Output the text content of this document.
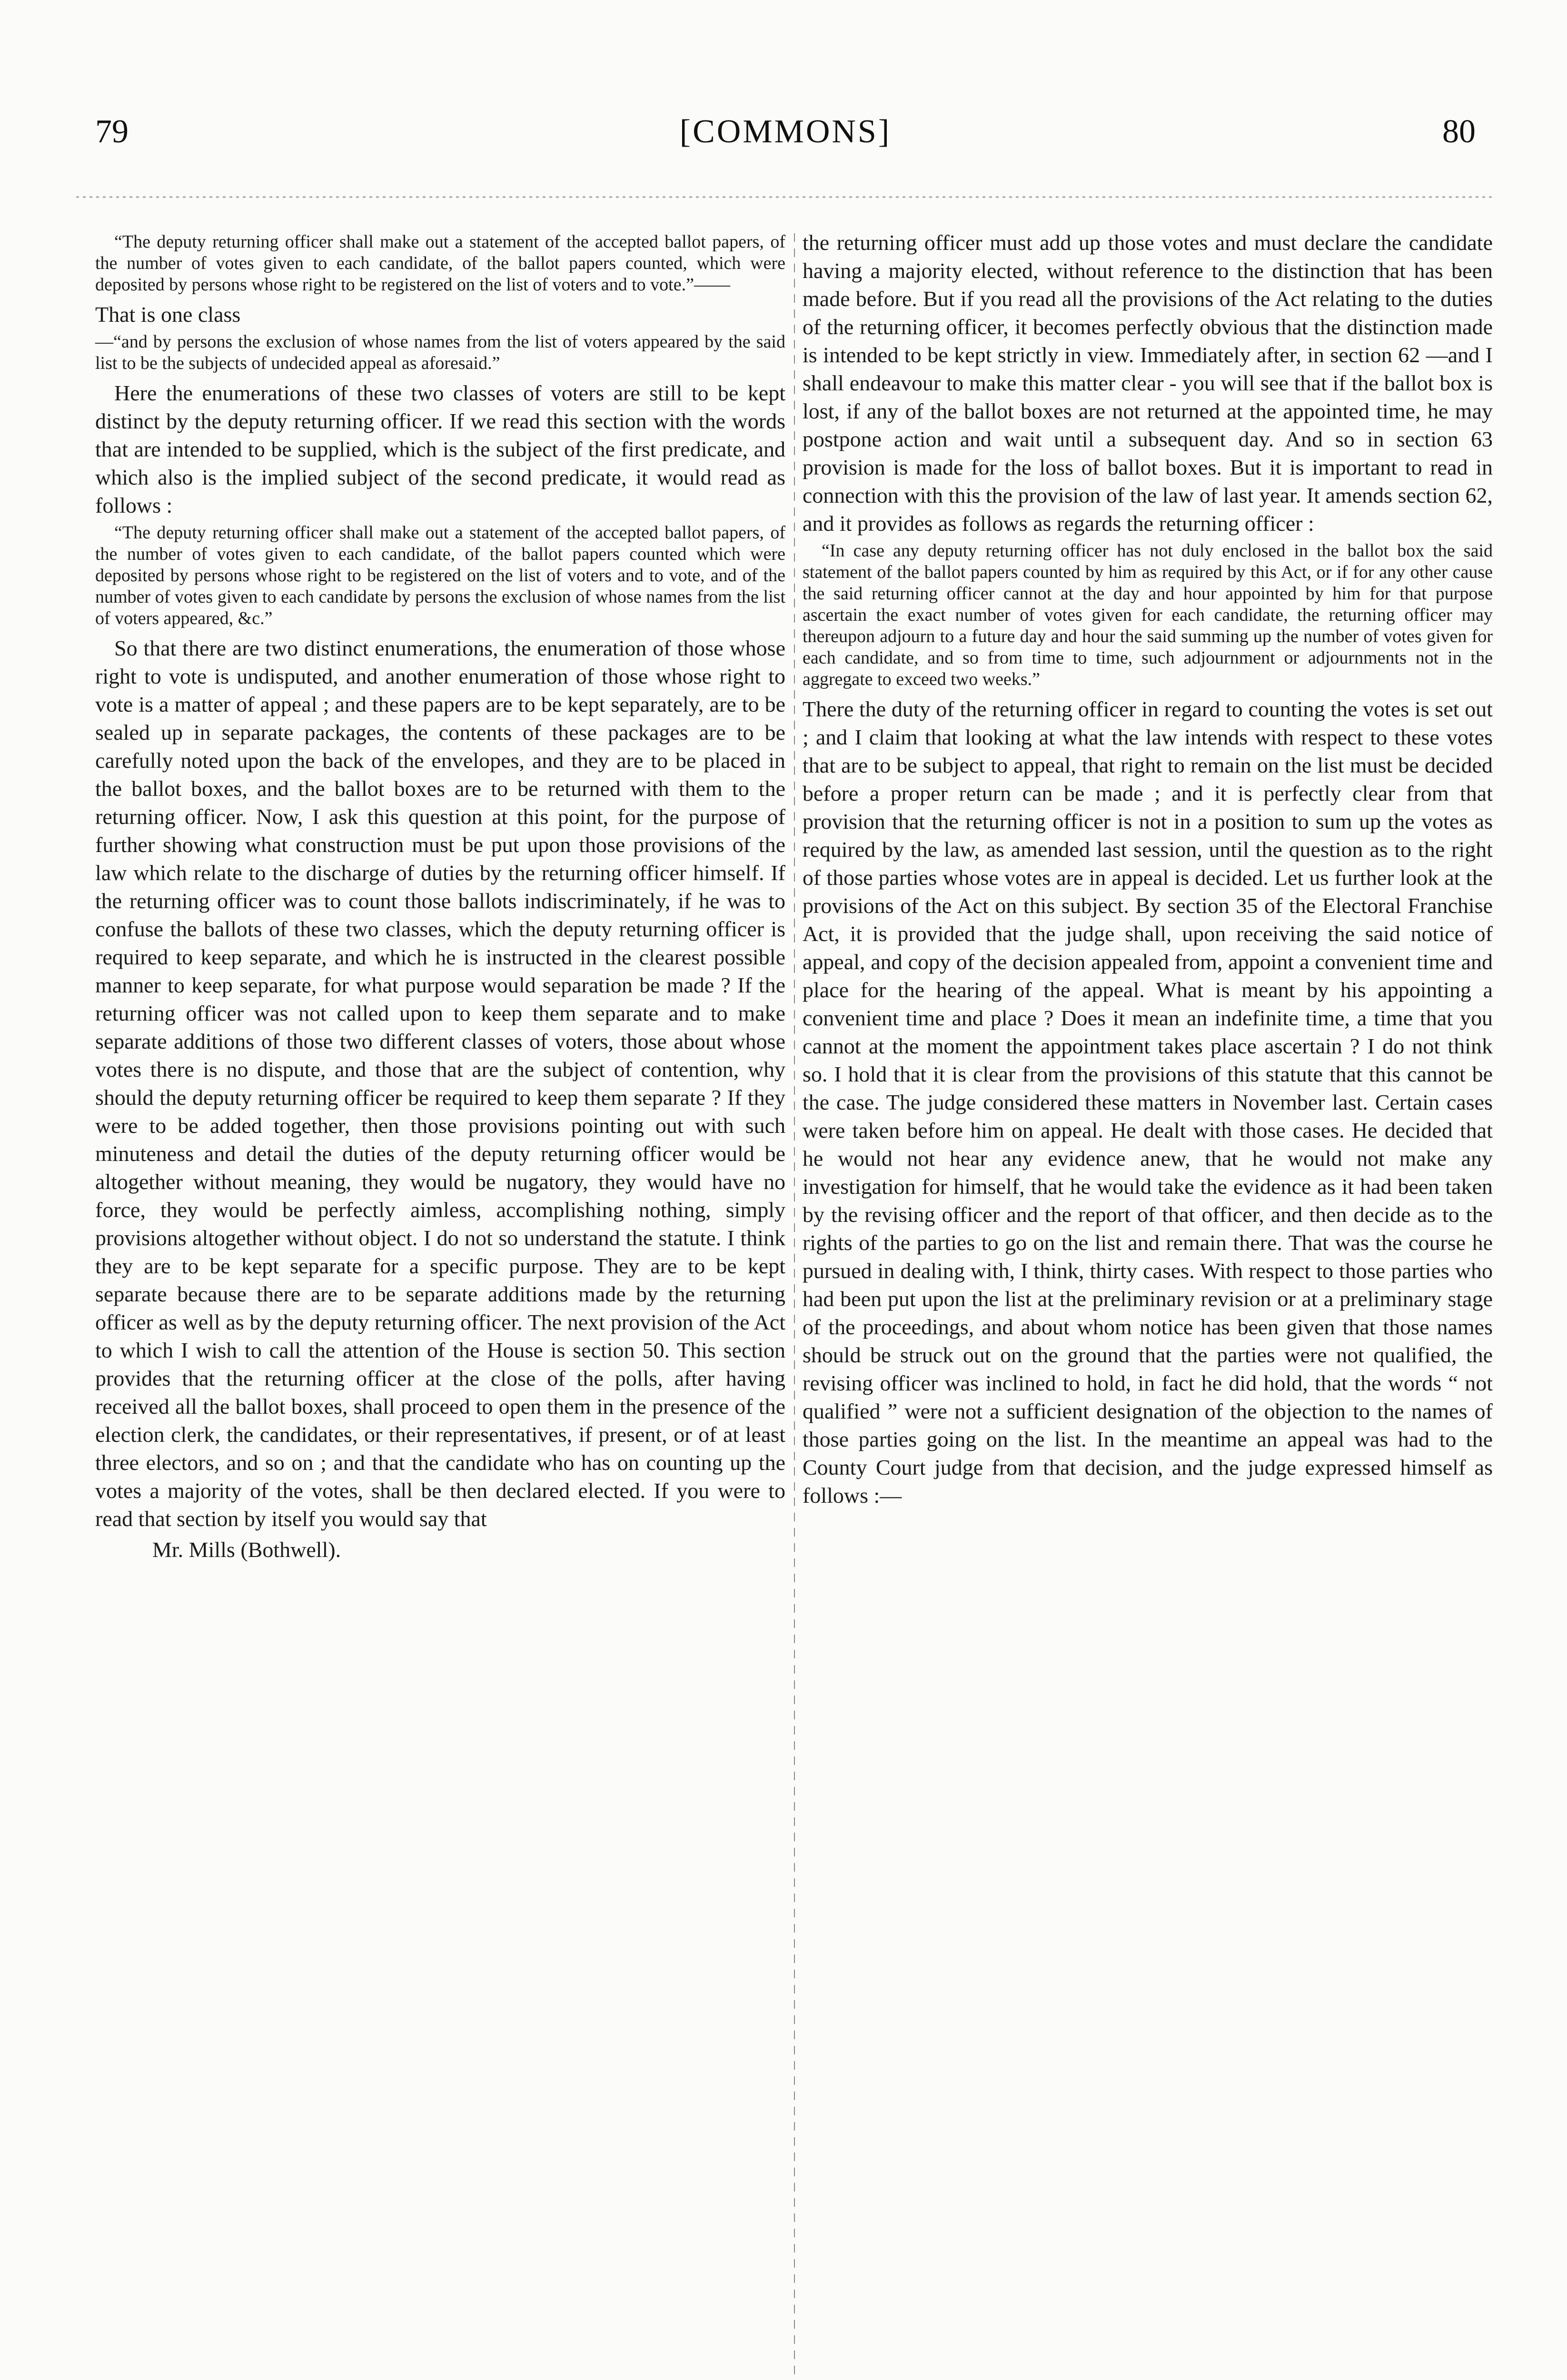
79	[COMMONS]	80

“The deputy returning officer shall make out a statement of the accepted ballot papers, of the number of votes given to each candidate, of the ballot papers counted, which were deposited by persons whose right to be registered on the list of voters and to vote.”——

That is one class

—“and by persons the exclusion of whose names from the list of voters appeared by the said list to be the subjects of undecided appeal as aforesaid.”

Here the enumerations of these two classes of voters are still to be kept distinct by the deputy returning officer. If we read this section with the words that are intended to be supplied, which is the subject of the first predicate, and which also is the implied subject of the second predicate, it would read as follows :

“The deputy returning officer shall make out a statement of the accepted ballot papers, of the number of votes given to each candidate, of the ballot papers counted which were deposited by persons whose right to be registered on the list of voters and to vote, and of the number of votes given to each candidate by persons the exclusion of whose names from the list of voters appeared, &c.”

So that there are two distinct enumerations, the enumeration of those whose right to vote is undisputed, and another enumeration of those whose right to vote is a matter of appeal ; and these papers are to be kept separately, are to be sealed up in separate packages, the contents of these packages are to be carefully noted upon the back of the envelopes, and they are to be placed in the ballot boxes, and the ballot boxes are to be returned with them to the returning officer. Now, I ask this question at this point, for the purpose of further showing what construction must be put upon those provisions of the law which relate to the discharge of duties by the returning officer himself. If the returning officer was to count those ballots indiscriminately, if he was to confuse the ballots of these two classes, which the deputy returning officer is required to keep separate, and which he is instructed in the clearest possible manner to keep separate, for what purpose would separation be made ? If the returning officer was not called upon to keep them separate and to make separate additions of those two different classes of voters, those about whose votes there is no dispute, and those that are the subject of contention, why should the deputy returning officer be required to keep them separate ? If they were to be added together, then those provisions pointing out with such minuteness and detail the duties of the deputy returning officer would be altogether without meaning, they would be nugatory, they would have no force, they would be perfectly aimless, accomplishing nothing, simply provisions altogether without object. I do not so understand the statute. I think they are to be kept separate for a specific purpose. They are to be kept separate because there are to be separate additions made by the returning officer as well as by the deputy returning officer. The next provision of the Act to which I wish to call the attention of the House is section 50. This section provides that the returning officer at the close of the polls, after having received all the ballot boxes, shall proceed to open them in the presence of the election clerk, the candidates, or their representatives, if present, or of at least three electors, and so on ; and that the candidate who has on counting up the votes a majority of the votes, shall be then declared elected. If you were to read that section by itself you would say that

Mr. Mills (Bothwell).

the returning officer must add up those votes and must declare the candidate having a majority elected, without reference to the distinction that has been made before. But if you read all the provisions of the Act relating to the duties of the returning officer, it becomes perfectly obvious that the distinction made is intended to be kept strictly in view. Immediately after, in section 62 —and I shall endeavour to make this matter clear - you will see that if the ballot box is lost, if any of the ballot boxes are not returned at the appointed time, he may postpone action and wait until a subsequent day. And so in section 63 provision is made for the loss of ballot boxes. But it is important to read in connection with this the provision of the law of last year. It amends section 62, and it provides as follows as regards the returning officer :

“In case any deputy returning officer has not duly enclosed in the ballot box the said statement of the ballot papers counted by him as required by this Act, or if for any other cause the said returning officer cannot at the day and hour appointed by him for that purpose ascertain the exact number of votes given for each candidate, the returning officer may thereupon adjourn to a future day and hour the said summing up the number of votes given for each candidate, and so from time to time, such adjournment or adjournments not in the aggregate to exceed two weeks.”

There the duty of the returning officer in regard to counting the votes is set out ; and I claim that looking at what the law intends with respect to these votes that are to be subject to appeal, that right to remain on the list must be decided before a proper return can be made ; and it is perfectly clear from that provision that the returning officer is not in a position to sum up the votes as required by the law, as amended last session, until the question as to the right of those parties whose votes are in appeal is decided. Let us further look at the provisions of the Act on this subject. By section 35 of the Electoral Franchise Act, it is provided that the judge shall, upon receiving the said notice of appeal, and copy of the decision appealed from, appoint a convenient time and place for the hearing of the appeal. What is meant by his appointing a convenient time and place ? Does it mean an indefinite time, a time that you cannot at the moment the appointment takes place ascertain ? I do not think so. I hold that it is clear from the provisions of this statute that this cannot be the case. The judge considered these matters in November last. Certain cases were taken before him on appeal. He dealt with those cases. He decided that he would not hear any evidence anew, that he would not make any investigation for himself, that he would take the evidence as it had been taken by the revising officer and the report of that officer, and then decide as to the rights of the parties to go on the list and remain there. That was the course he pursued in dealing with, I think, thirty cases. With respect to those parties who had been put upon the list at the preliminary revision or at a preliminary stage of the proceedings, and about whom notice has been given that those names should be struck out on the ground that the parties were not qualified, the revising officer was inclined to hold, in fact he did hold, that the words “ not qualified ” were not a sufficient designation of the objection to the names of those parties going on the list. In the meantime an appeal was had to the County Court judge from that decision, and the judge expressed himself as follows :—
